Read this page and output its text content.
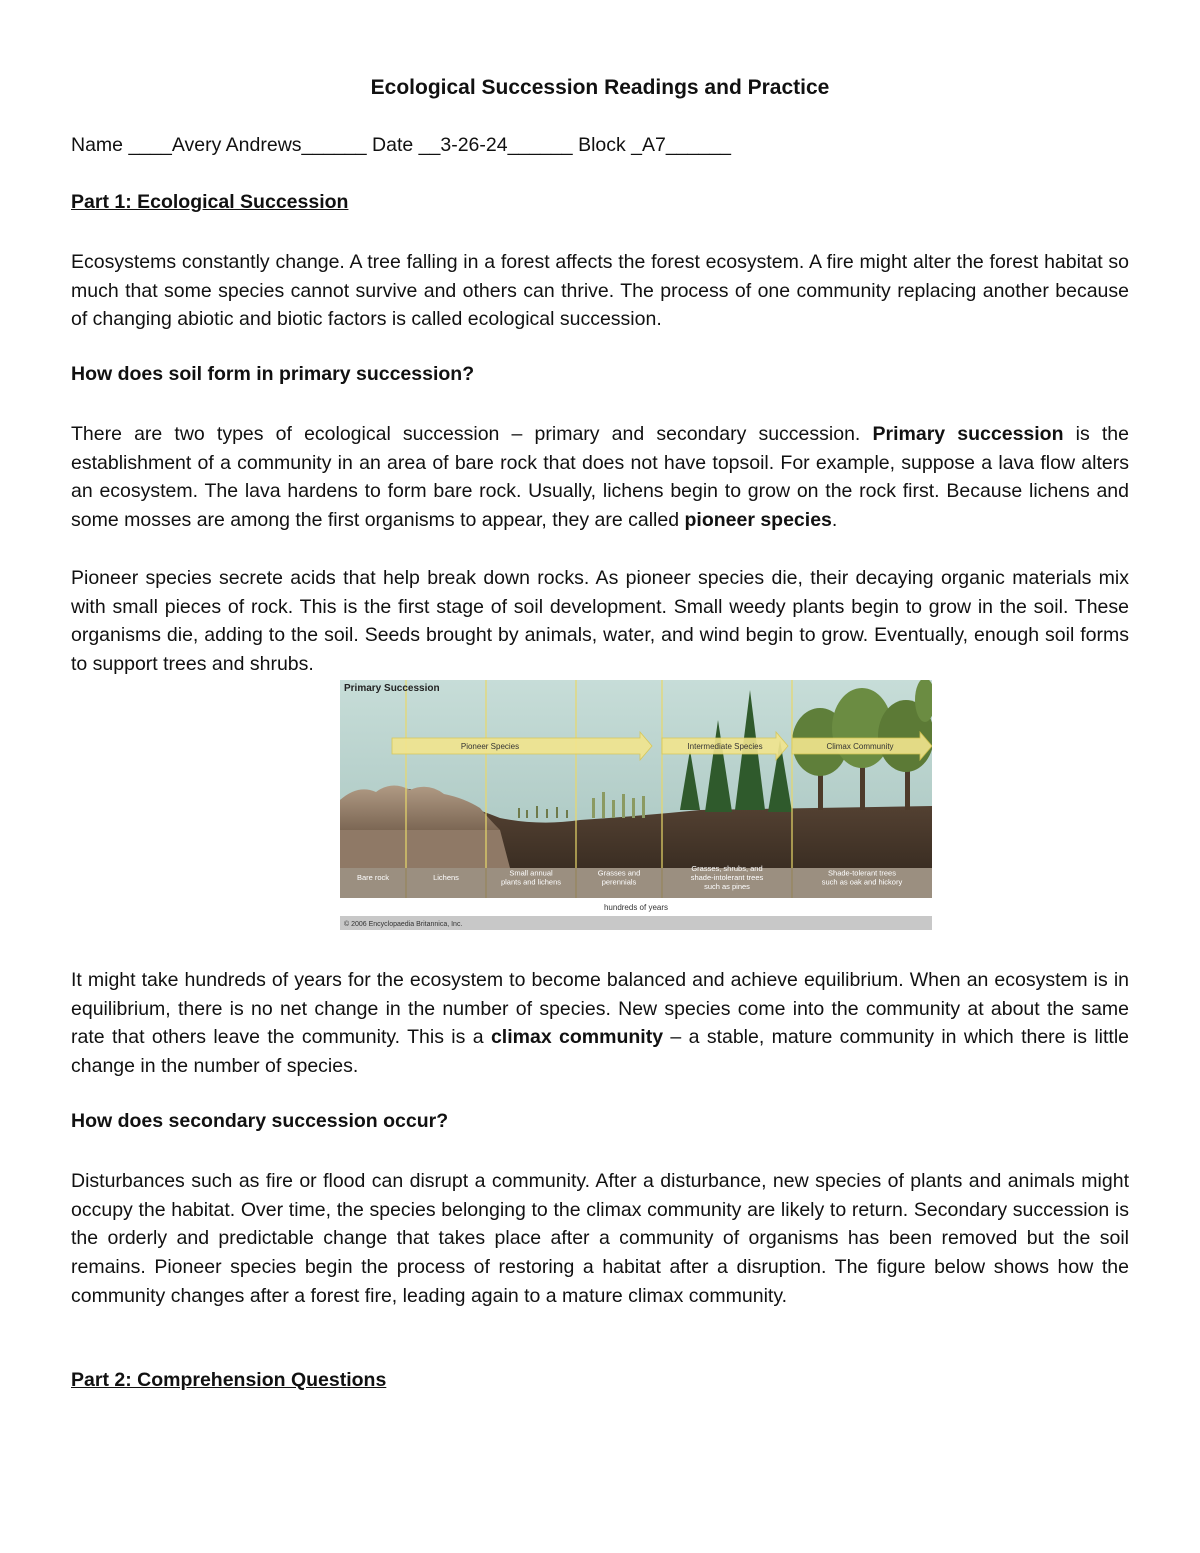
Ecological Succession Readings and Practice
Name ____Avery Andrews______ Date __3-26-24______ Block _A7______
Part 1: Ecological Succession
Ecosystems constantly change. A tree falling in a forest affects the forest ecosystem. A fire might alter the forest habitat so much that some species cannot survive and others can thrive. The process of one community replacing another because of changing abiotic and biotic factors is called ecological succession.
How does soil form in primary succession?
There are two types of ecological succession – primary and secondary succession. Primary succession is the establishment of a community in an area of bare rock that does not have topsoil. For example, suppose a lava flow alters an ecosystem. The lava hardens to form bare rock. Usually, lichens begin to grow on the rock first. Because lichens and some mosses are among the first organisms to appear, they are called pioneer species.
Pioneer species secrete acids that help break down rocks. As pioneer species die, their decaying organic materials mix with small pieces of rock. This is the first stage of soil development. Small weedy plants begin to grow in the soil. These organisms die, adding to the soil. Seeds brought by animals, water, and wind begin to grow. Eventually, enough soil forms to support trees and shrubs.
It might take hundreds of years for the ecosystem to become balanced and achieve equilibrium. When an ecosystem is in equilibrium, there is no net change in the number of species. New species come into the community at about the same rate that others leave the community. This is a climax community – a stable, mature community in which there is little change in the number of species.
How does secondary succession occur?
Disturbances such as fire or flood can disrupt a community. After a disturbance, new species of plants and animals might occupy the habitat. Over time, the species belonging to the climax community are likely to return. Secondary succession is the orderly and predictable change that takes place after a community of organisms has been removed but the soil remains. Pioneer species begin the process of restoring a habitat after a disruption. The figure below shows how the community changes after a forest fire, leading again to a mature climax community.
Part 2: Comprehension Questions
Pioneer Species	Intermediate Species	Climax Community
Bare rock	Lichens	Small annual
plants and lichens
Grasses and
perennials
Grasses, shrubs, and
shade-intolerant trees
such as pines
Shade-tolerant trees
such as oak and hickory
Primary Succession
hundreds of years
© 2006 Encyclopaedia Britannica, Inc.
